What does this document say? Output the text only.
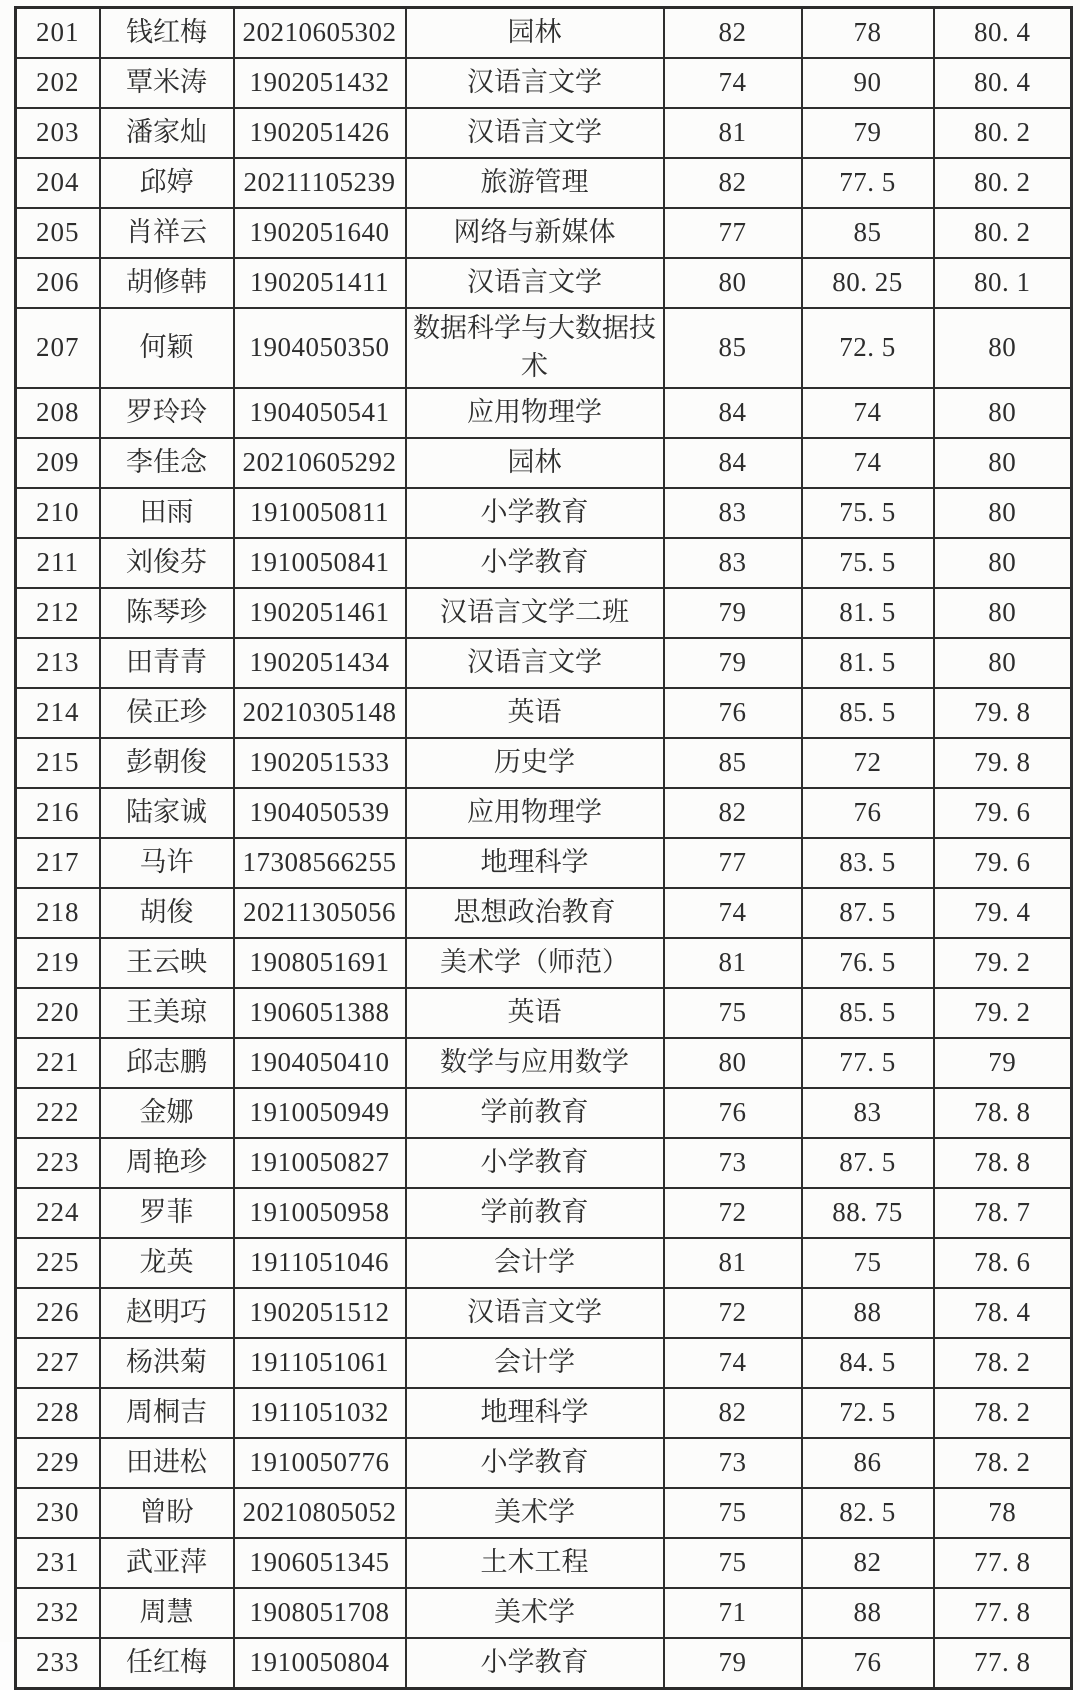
201	钱红梅	20210605302	园林	82	78	80. 4
202	覃米涛	1902051432	汉语言文学	74	90	80. 4
203	潘家灿	1902051426	汉语言文学	81	79	80. 2
204	邱婷	20211105239	旅游管理	82	77. 5	80. 2
205	肖祥云	1902051640	网络与新媒体	77	85	80. 2
206	胡修韩	1902051411	汉语言文学	80	80. 25	80. 1
207	何颖	1904050350	数据科学与大数据技术	85	72. 5	80
208	罗玲玲	1904050541	应用物理学	84	74	80
209	李佳念	20210605292	园林	84	74	80
210	田雨	1910050811	小学教育	83	75. 5	80
211	刘俊芬	1910050841	小学教育	83	75. 5	80
212	陈琴珍	1902051461	汉语言文学二班	79	81. 5	80
213	田青青	1902051434	汉语言文学	79	81. 5	80
214	侯正珍	20210305148	英语	76	85. 5	79. 8
215	彭朝俊	1902051533	历史学	85	72	79. 8
216	陆家诚	1904050539	应用物理学	82	76	79. 6
217	马许	17308566255	地理科学	77	83. 5	79. 6
218	胡俊	20211305056	思想政治教育	74	87. 5	79. 4
219	王云映	1908051691	美术学（师范）	81	76. 5	79. 2
220	王美琼	1906051388	英语	75	85. 5	79. 2
221	邱志鹏	1904050410	数学与应用数学	80	77. 5	79
222	金娜	1910050949	学前教育	76	83	78. 8
223	周艳珍	1910050827	小学教育	73	87. 5	78. 8
224	罗菲	1910050958	学前教育	72	88. 75	78. 7
225	龙英	1911051046	会计学	81	75	78. 6
226	赵明巧	1902051512	汉语言文学	72	88	78. 4
227	杨洪菊	1911051061	会计学	74	84. 5	78. 2
228	周桐吉	1911051032	地理科学	82	72. 5	78. 2
229	田进松	1910050776	小学教育	73	86	78. 2
230	曾盼	20210805052	美术学	75	82. 5	78
231	武亚萍	1906051345	土木工程	75	82	77. 8
232	周慧	1908051708	美术学	71	88	77. 8
233	任红梅	1910050804	小学教育	79	76	77. 8
